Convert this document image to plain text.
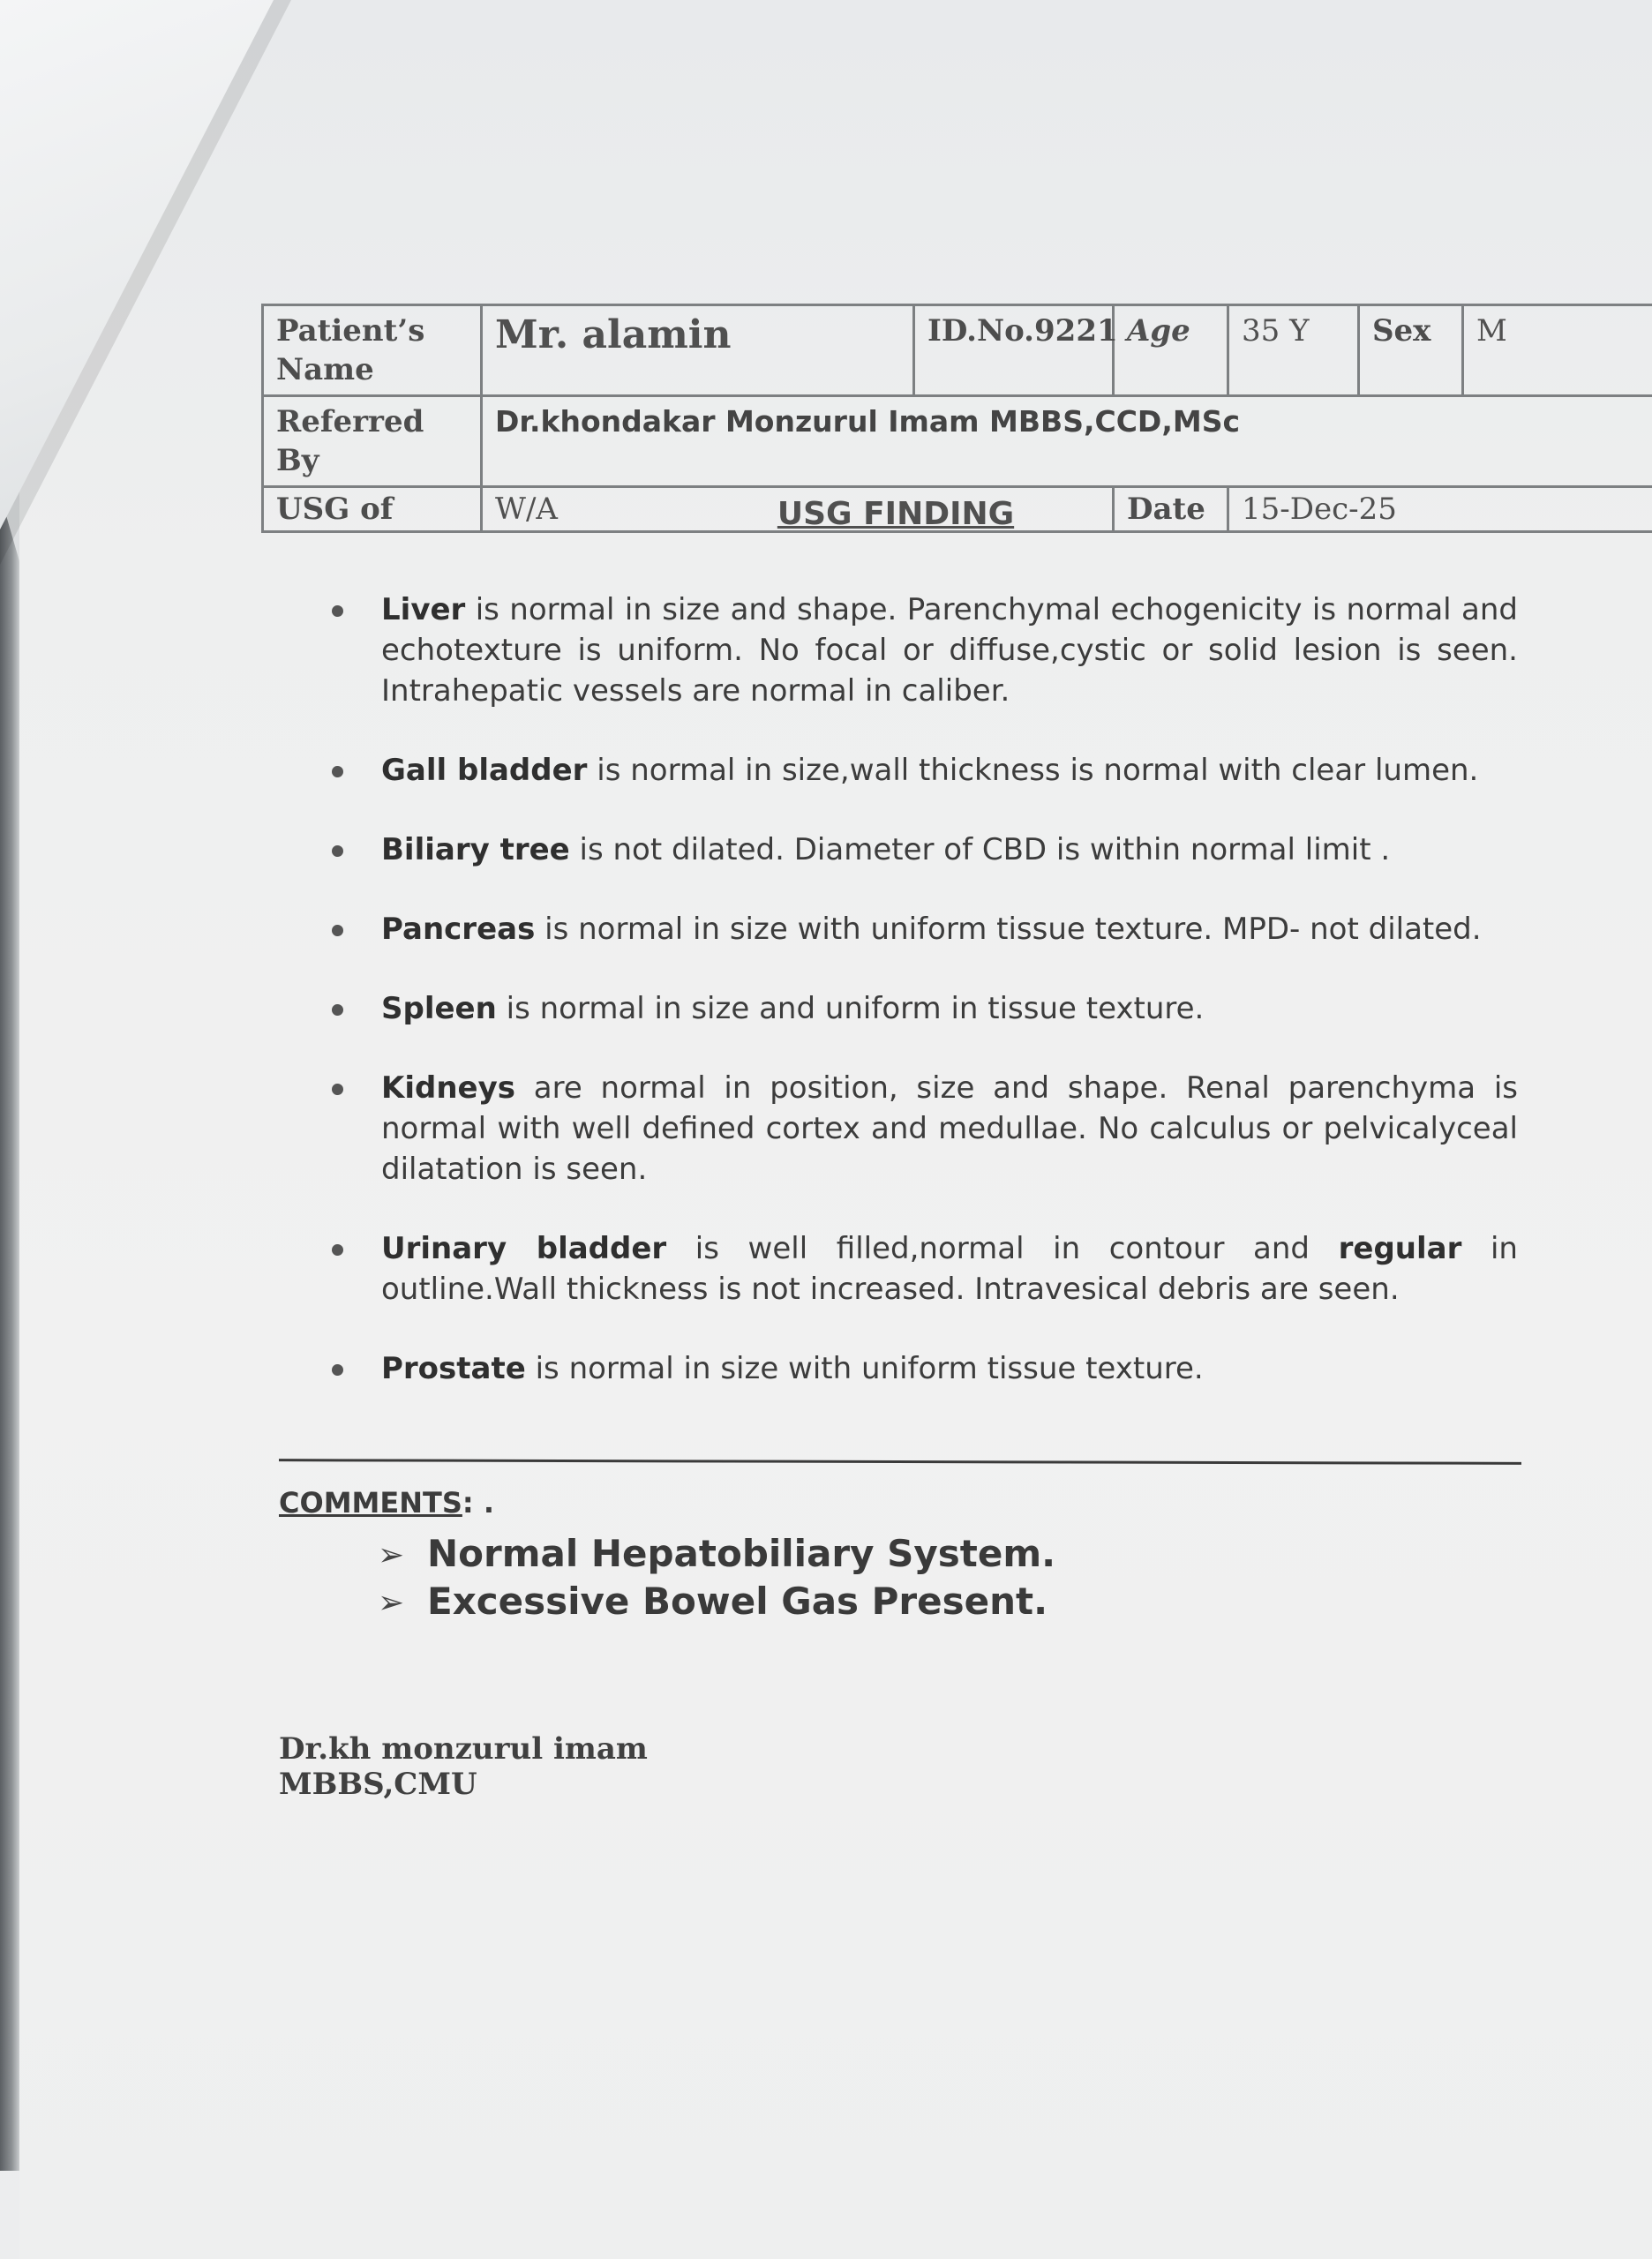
Patient’s Name	Mr. alamin	ID.No.9221	Age	35 Y	Sex	M
Referred By	Dr.khondakar Monzurul Imam MBBS,CCD,MSc					
USG of	W/A		Date	15-Dec-25		
USG FINDING
Liver is normal in size and shape. Parenchymal echogenicity is normal and echotexture is uniform. No focal or diffuse,cystic or solid lesion is seen. Intrahepatic vessels are normal in caliber.
Gall bladder is normal in size,wall thickness is normal with clear lumen.
Biliary tree is not dilated. Diameter of CBD is within normal limit .
Pancreas is normal in size with uniform tissue texture. MPD- not dilated.
Spleen is normal in size and uniform in tissue texture.
Kidneys are normal in position, size and shape. Renal parenchyma is normal with well defined cortex and medullae. No calculus or pelvicalyceal dilatation is seen.
Urinary bladder is well filled,normal in contour and regular in outline.Wall thickness is not increased. Intravesical debris are seen.
Prostate is normal in size with uniform tissue texture.
COMMENTS: .
➢ Normal Hepatobiliary System.
➢ Excessive Bowel Gas Present.
Dr.kh monzurul imam
MBBS,CMU
